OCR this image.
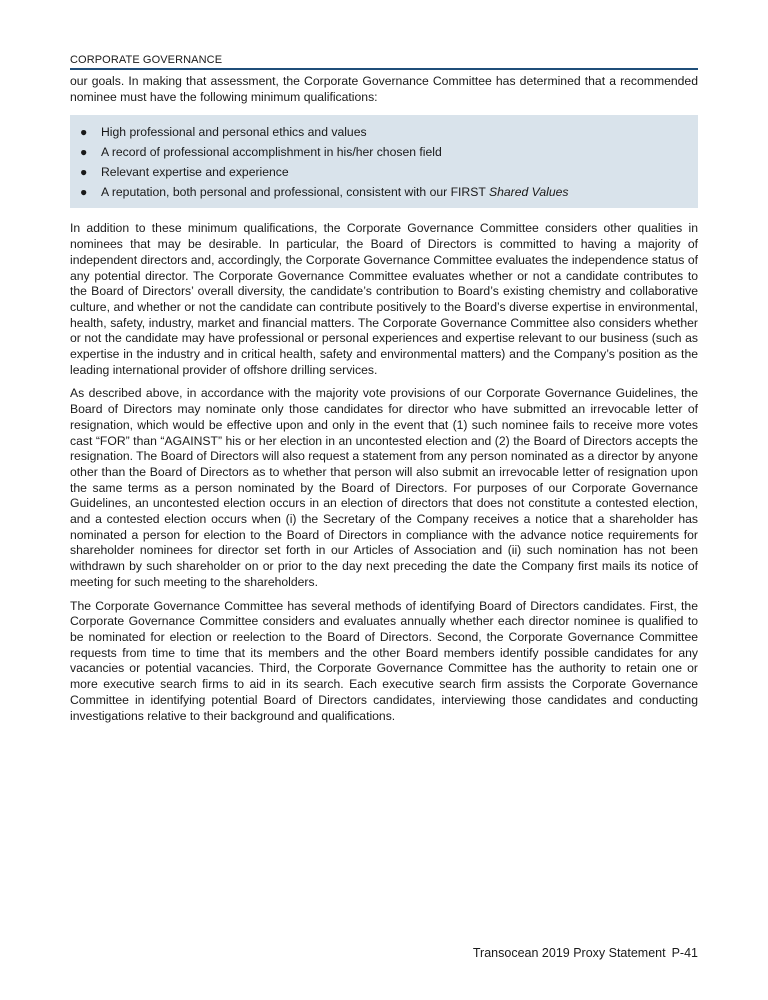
CORPORATE GOVERNANCE

our goals. In making that assessment, the Corporate Governance Committee has determined that a recommended nominee must have the following minimum qualifications:

● High professional and personal ethics and values
● A record of professional accomplishment in his/her chosen field
● Relevant expertise and experience
● A reputation, both personal and professional, consistent with our FIRST Shared Values

In addition to these minimum qualifications, the Corporate Governance Committee considers other qualities in nominees that may be desirable. In particular, the Board of Directors is committed to having a majority of independent directors and, accordingly, the Corporate Governance Committee evaluates the independence status of any potential director. The Corporate Governance Committee evaluates whether or not a candidate contributes to the Board of Directors’ overall diversity, the candidate’s contribution to Board’s existing chemistry and collaborative culture, and whether or not the candidate can contribute positively to the Board’s diverse expertise in environmental, health, safety, industry, market and financial matters. The Corporate Governance Committee also considers whether or not the candidate may have professional or personal experiences and expertise relevant to our business (such as expertise in the industry and in critical health, safety and environmental matters) and the Company’s position as the leading international provider of offshore drilling services.

As described above, in accordance with the majority vote provisions of our Corporate Governance Guidelines, the Board of Directors may nominate only those candidates for director who have submitted an irrevocable letter of resignation, which would be effective upon and only in the event that (1) such nominee fails to receive more votes cast “FOR” than “AGAINST” his or her election in an uncontested election and (2) the Board of Directors accepts the resignation. The Board of Directors will also request a statement from any person nominated as a director by anyone other than the Board of Directors as to whether that person will also submit an irrevocable letter of resignation upon the same terms as a person nominated by the Board of Directors. For purposes of our Corporate Governance Guidelines, an uncontested election occurs in an election of directors that does not constitute a contested election, and a contested election occurs when (i) the Secretary of the Company receives a notice that a shareholder has nominated a person for election to the Board of Directors in compliance with the advance notice requirements for shareholder nominees for director set forth in our Articles of Association and (ii) such nomination has not been withdrawn by such shareholder on or prior to the day next preceding the date the Company first mails its notice of meeting for such meeting to the shareholders.

The Corporate Governance Committee has several methods of identifying Board of Directors candidates. First, the Corporate Governance Committee considers and evaluates annually whether each director nominee is qualified to be nominated for election or reelection to the Board of Directors. Second, the Corporate Governance Committee requests from time to time that its members and the other Board members identify possible candidates for any vacancies or potential vacancies. Third, the Corporate Governance Committee has the authority to retain one or more executive search firms to aid in its search. Each executive search firm assists the Corporate Governance Committee in identifying potential Board of Directors candidates, interviewing those candidates and conducting investigations relative to their background and qualifications.

Transocean 2019 Proxy Statement P-41
